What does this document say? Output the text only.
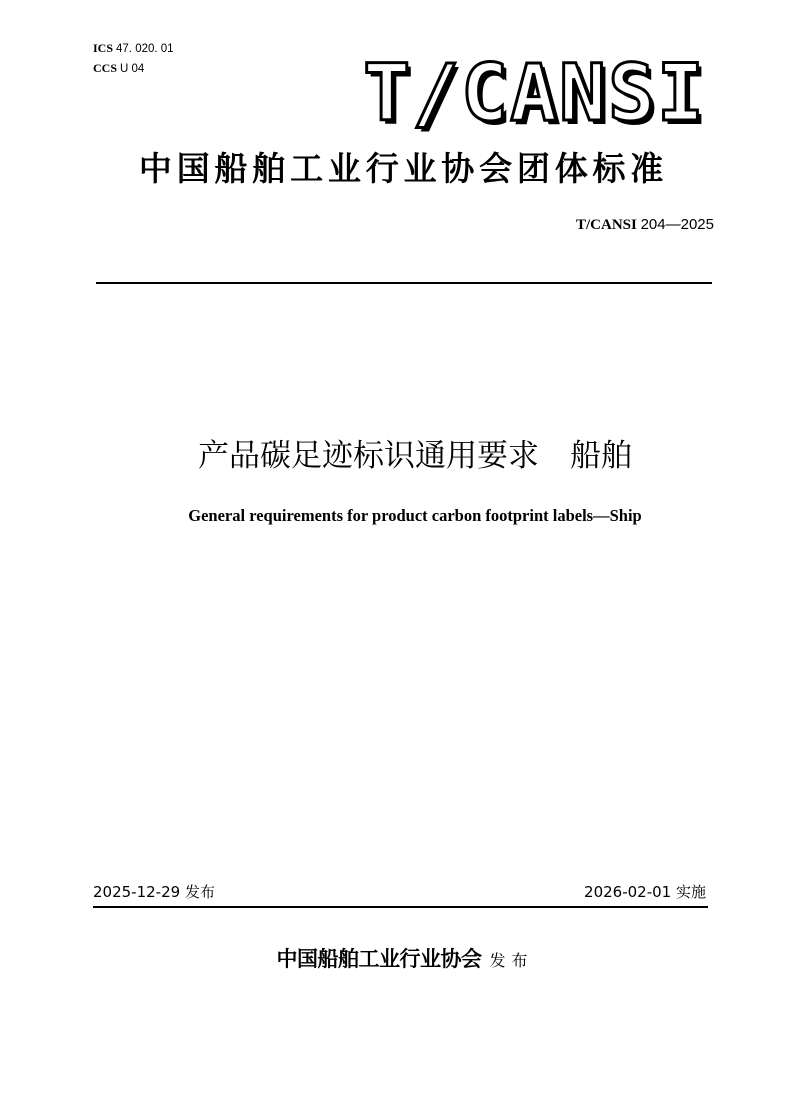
ICS 47. 020. 01
CCS U 04	T/CANSI
中国船舶工业行业协会团体标准
T/CANSI 204—2025
产品碳足迹标识通用要求　船舶
General requirements for product carbon footprint labels—Ship
2025-12-29 发布	2026-02-01 实施
中国船舶工业行业协会 发布
